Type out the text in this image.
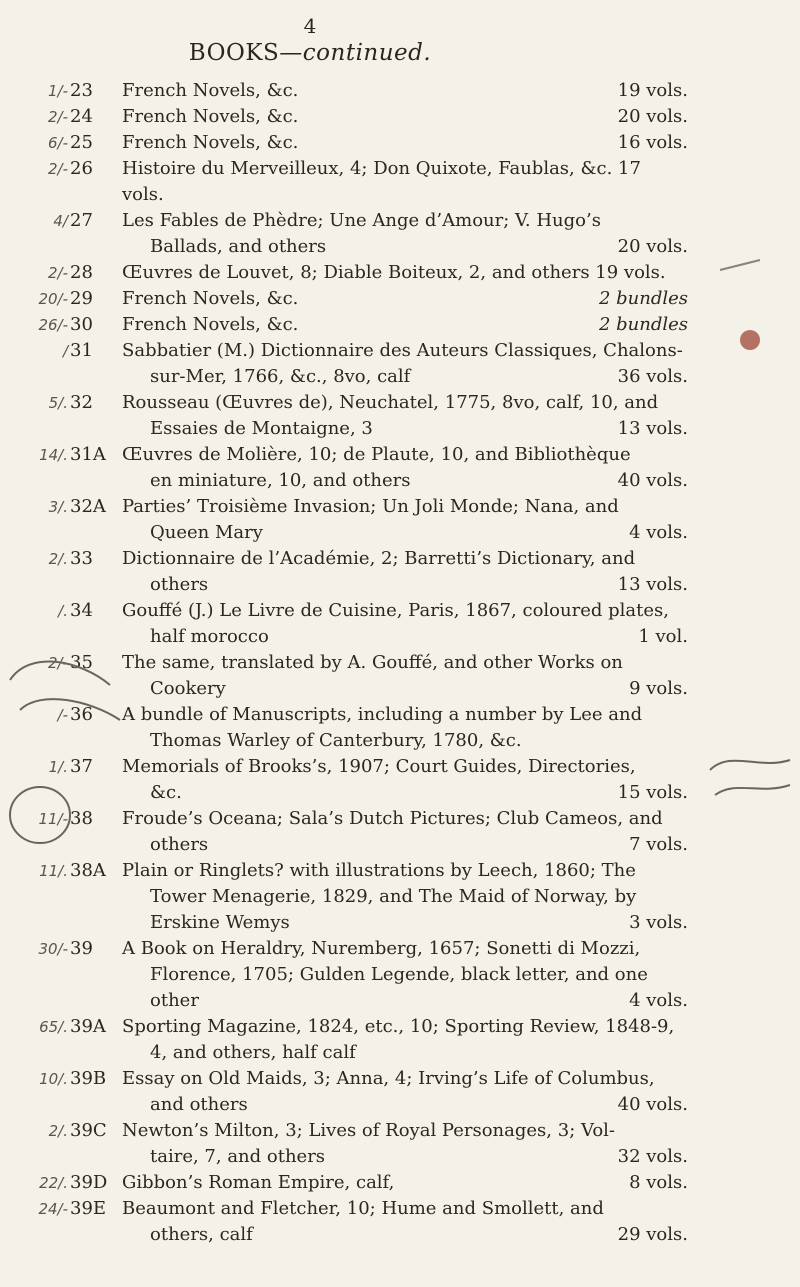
4
BOOKS—continued.
1/- 23	French Novels, &c.	19 vols.
2/- 24	French Novels, &c.	20 vols.
6/- 25	French Novels, &c.	16 vols.
2/- 26	Histoire du Merveilleux, 4; Don Quixote, Faublas, &c. 17 vols.
4/ 27	Les Fables de Phèdre; Une Ange d’Amour; V. Hugo’s
Ballads, and others	20 vols.
2/- 28	Œuvres de Louvet, 8; Diable Boiteux, 2, and others 19 vols.
20/- 29	French Novels, &c.	2 bundles
26/- 30	French Novels, &c.	2 bundles
/ 31	Sabbatier (M.) Dictionnaire des Auteurs Classiques, Chalons-
sur-Mer, 1766, &c., 8vo, calf	36 vols.
5/. 32	Rousseau (Œuvres de), Neuchatel, 1775, 8vo, calf, 10, and
Essaies de Montaigne, 3	13 vols.
14/. 31A Œuvres de Molière, 10; de Plaute, 10, and Bibliothèque
en miniature, 10, and others	40 vols.
3/. 32A Parties’ Troisième Invasion; Un Joli Monde; Nana, and
Queen Mary	4 vols.
2/. 33	Dictionnaire de l’Académie, 2; Barretti’s Dictionary, and
others	13 vols.
/. 34	Gouffé (J.) Le Livre de Cuisine, Paris, 1867, coloured plates,
half morocco	1 vol.
2/- 35	The same, translated by A. Gouffé, and other Works on
Cookery	9 vols.
/- 36	A bundle of Manuscripts, including a number by Lee and
Thomas Warley of Canterbury, 1780, &c.
1/. 37	Memorials of Brooks’s, 1907; Court Guides, Directories,
&c.	15 vols.
11/- 38	Froude’s Oceana; Sala’s Dutch Pictures; Club Cameos, and
others	7 vols.
11/. 38A Plain or Ringlets? with illustrations by Leech, 1860; The
Tower Menagerie, 1829, and The Maid of Norway, by
Erskine Wemys	3 vols.
30/- 39	A Book on Heraldry, Nuremberg, 1657; Sonetti di Mozzi,
Florence, 1705; Gulden Legende, black letter, and one
other	4 vols.
65/. 39A Sporting Magazine, 1824, etc., 10; Sporting Review, 1848-9,
4, and others, half calf
10/. 39B Essay on Old Maids, 3; Anna, 4; Irving’s Life of Columbus,
and others	40 vols.
2/. 39C Newton’s Milton, 3; Lives of Royal Personages, 3; Vol-
taire, 7, and others	32 vols.
22/. 39D Gibbon’s Roman Empire, calf,	8 vols.
24/- 39E Beaumont and Fletcher, 10; Hume and Smollett, and
others, calf	29 vols.
